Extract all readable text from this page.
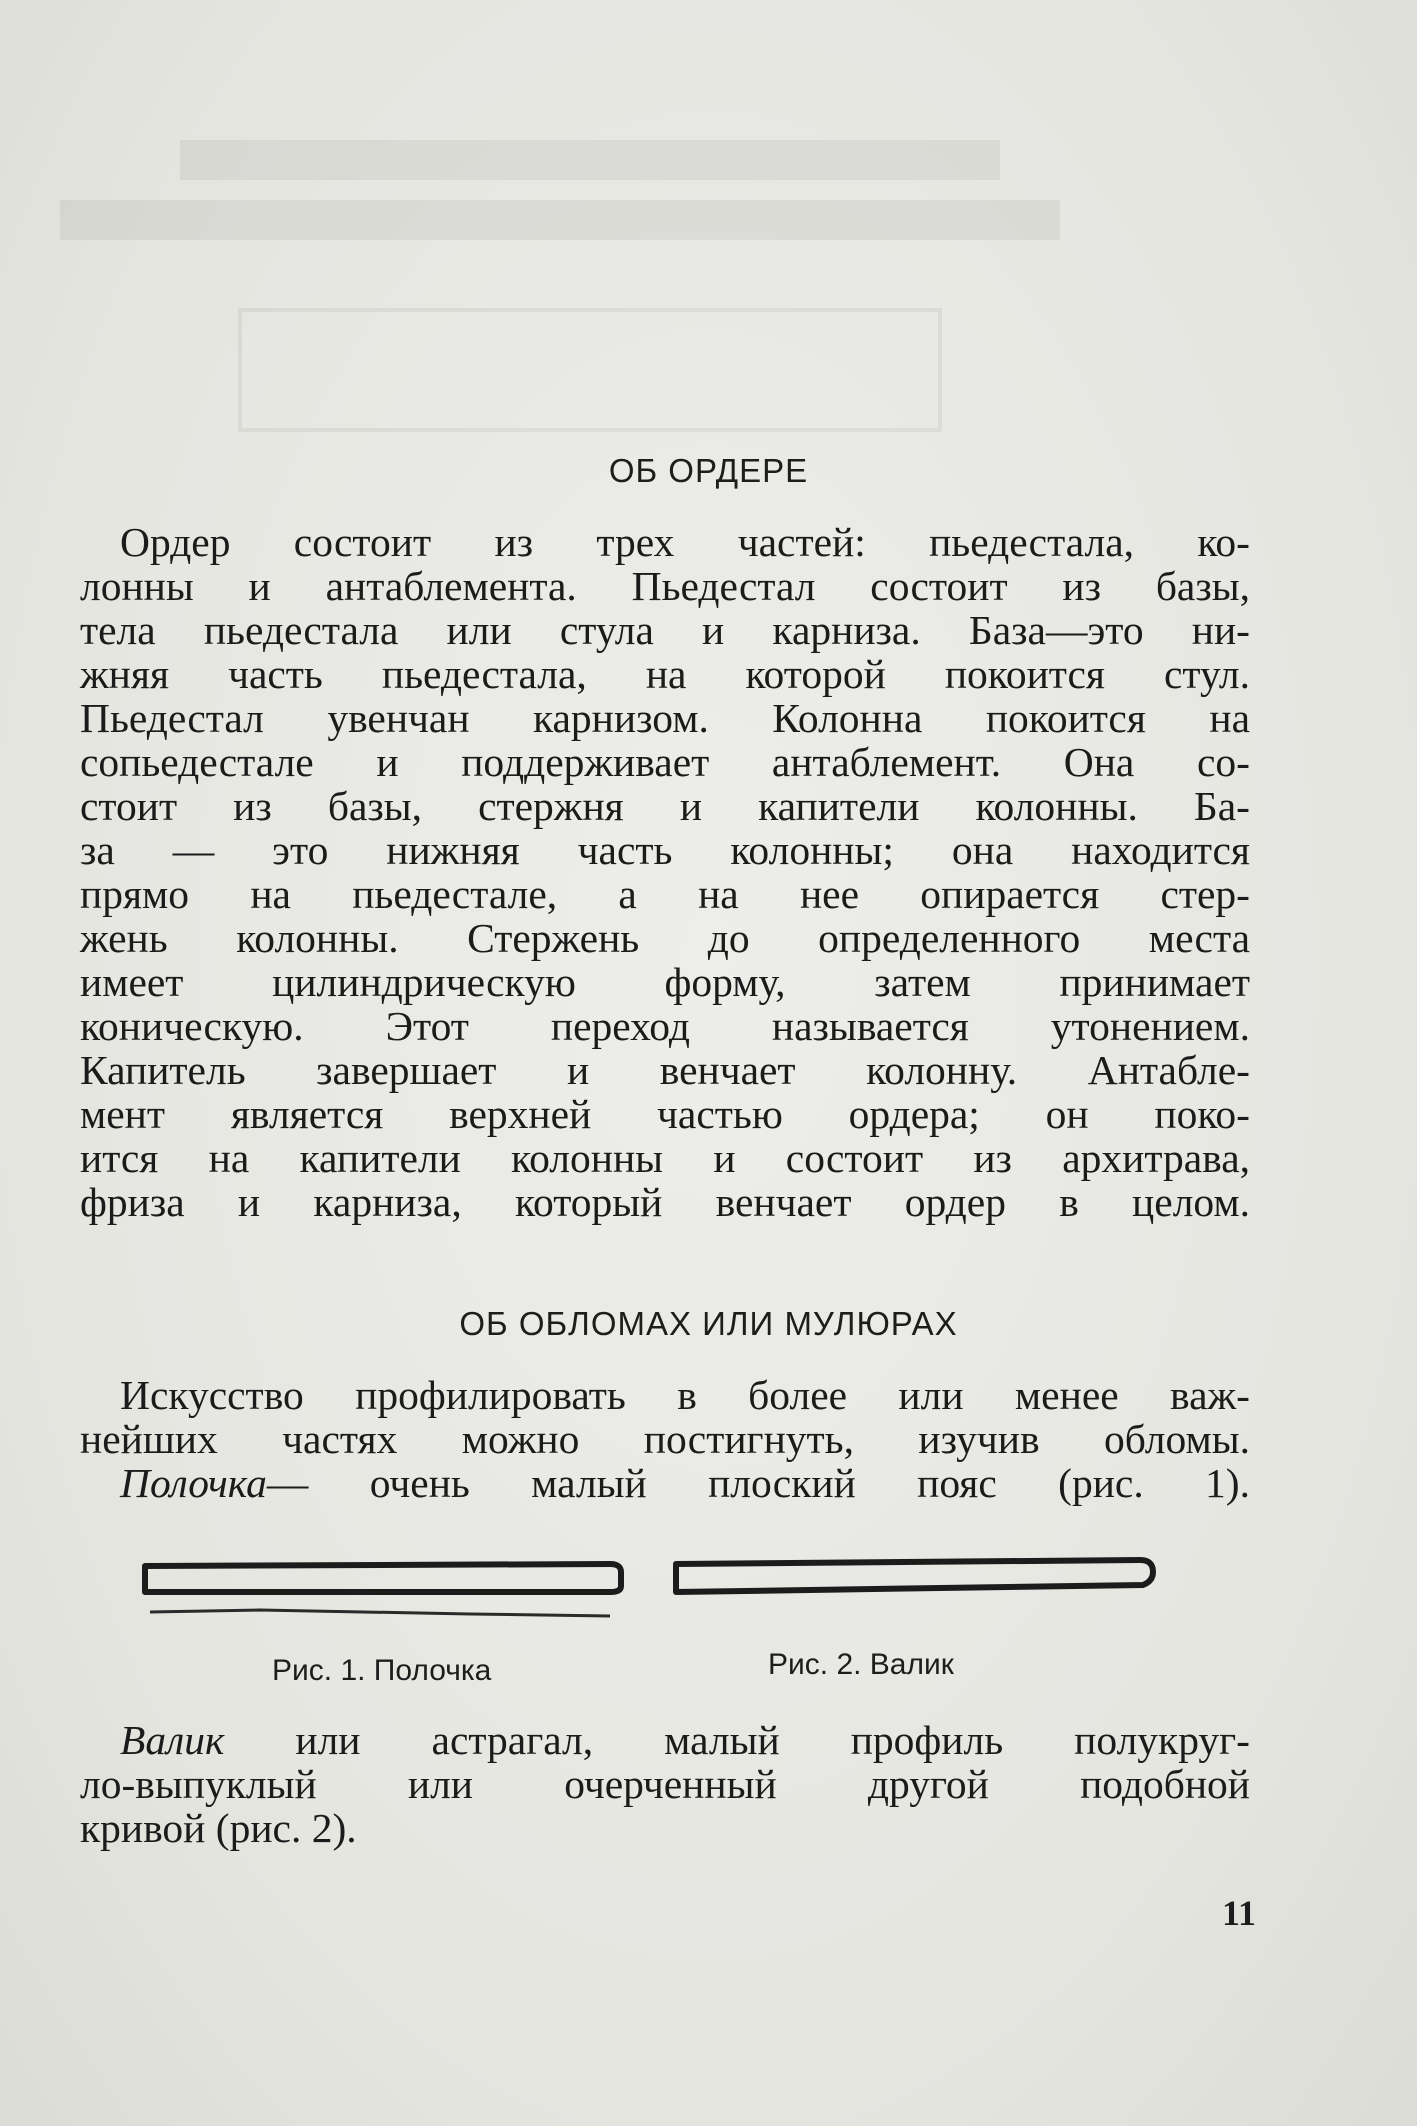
ОБ ОРДЕРЕ
Ордер состоит из трех частей: пьедестала, ко-
лонны и антаблемента. Пьедестал состоит из базы,
тела пьедестала или стула и карниза. База—это ни-
жняя часть пьедестала, на которой покоится стул.
Пьедестал увенчан карнизом. Колонна покоится на
сопьедестале и поддерживает антаблемент. Она со-
стоит из базы, стержня и капители колонны. Ба-
за — это нижняя часть колонны; она находится
прямо на пьедестале, а на нее опирается стер-
жень колонны. Стержень до определенного места
имеет цилиндрическую форму, затем принимает
коническую. Этот переход называется утонением.
Капитель завершает и венчает колонну. Антабле-
мент является верхней частью ордера; он поко-
ится на капители колонны и состоит из архитрава,
фриза и карниза, который венчает ордер в целом.
ОБ ОБЛОМАХ ИЛИ МУЛЮРАХ
Искусство профилировать в более или менее важ-
нейших частях можно постигнуть, изучив обломы.
Полочка— очень малый плоский пояс (рис. 1).
Рис. 1. Полочка	Рис. 2. Валик
Валик или астрагал, малый профиль полукруг-
ло-выпуклый или очерченный другой подобной
кривой (рис. 2).
11
